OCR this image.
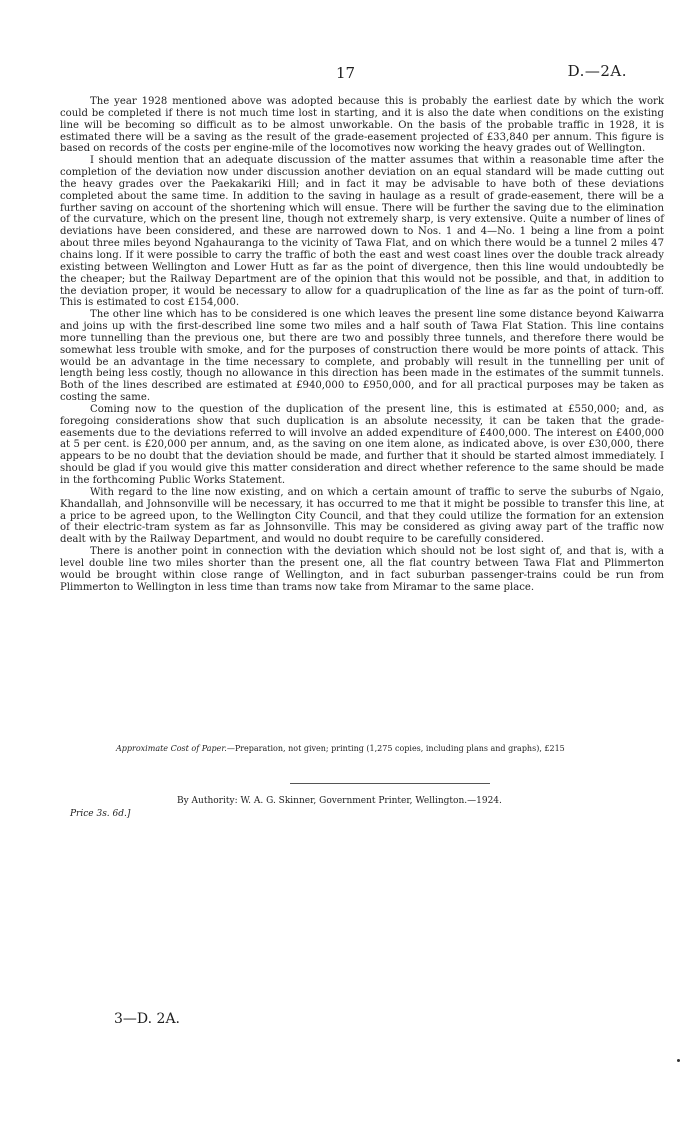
17	D.—2A.

The year 1928 mentioned above was adopted because this is probably the earliest date by which the work could be completed if there is not much time lost in starting, and it is also the date when conditions on the existing line will be becoming so difficult as to be almost unworkable. On the basis of the probable traffic in 1928, it is estimated there will be a saving as the result of the grade-easement projected of £33,840 per annum. This figure is based on records of the costs per engine-mile of the locomotives now working the heavy grades out of Wellington.

I should mention that an adequate discussion of the matter assumes that within a reasonable time after the completion of the deviation now under discussion another deviation on an equal standard will be made cutting out the heavy grades over the Paekakariki Hill; and in fact it may be advisable to have both of these deviations completed about the same time. In addition to the saving in haulage as a result of grade-easement, there will be a further saving on account of the shortening which will ensue. There will be further the saving due to the elimination of the curvature, which on the present line, though not extremely sharp, is very extensive. Quite a number of lines of deviations have been considered, and these are narrowed down to Nos. 1 and 4—No. 1 being a line from a point about three miles beyond Ngahauranga to the vicinity of Tawa Flat, and on which there would be a tunnel 2 miles 47 chains long. If it were possible to carry the traffic of both the east and west coast lines over the double track already existing between Wellington and Lower Hutt as far as the point of divergence, then this line would undoubtedly be the cheaper; but the Railway Department are of the opinion that this would not be possible, and that, in addition to the deviation proper, it would be necessary to allow for a quadruplication of the line as far as the point of turn-off. This is estimated to cost £154,000.

The other line which has to be considered is one which leaves the present line some distance beyond Kaiwarra and joins up with the first-described line some two miles and a half south of Tawa Flat Station. This line contains more tunnelling than the previous one, but there are two and possibly three tunnels, and therefore there would be somewhat less trouble with smoke, and for the purposes of construction there would be more points of attack. This would be an advantage in the time necessary to complete, and probably will result in the tunnelling per unit of length being less costly, though no allowance in this direction has been made in the estimates of the summit tunnels. Both of the lines described are estimated at £940,000 to £950,000, and for all practical purposes may be taken as costing the same.

Coming now to the question of the duplication of the present line, this is estimated at £550,000; and, as foregoing considerations show that such duplication is an absolute necessity, it can be taken that the grade-easements due to the deviations referred to will involve an added expenditure of £400,000. The interest on £400,000 at 5 per cent. is £20,000 per annum, and, as the saving on one item alone, as indicated above, is over £30,000, there appears to be no doubt that the deviation should be made, and further that it should be started almost immediately. I should be glad if you would give this matter consideration and direct whether reference to the same should be made in the forthcoming Public Works Statement.

With regard to the line now existing, and on which a certain amount of traffic to serve the suburbs of Ngaio, Khandallah, and Johnsonville will be necessary, it has occurred to me that it might be possible to transfer this line, at a price to be agreed upon, to the Wellington City Council, and that they could utilize the formation for an extension of their electric-tram system as far as Johnsonville. This may be considered as giving away part of the traffic now dealt with by the Railway Department, and would no doubt require to be carefully considered.

There is another point in connection with the deviation which should not be lost sight of, and that is, with a level double line two miles shorter than the present one, all the flat country between Tawa Flat and Plimmerton would be brought within close range of Wellington, and in fact suburban passenger-trains could be run from Plimmerton to Wellington in less time than trams now take from Miramar to the same place.

Approximate Cost of Paper.—Preparation, not given; printing (1,275 copies, including plans and graphs), £215
By Authority: W. A. G. Skinner, Government Printer, Wellington.—1924.
Price 3s. 6d.]
3—D. 2A.
